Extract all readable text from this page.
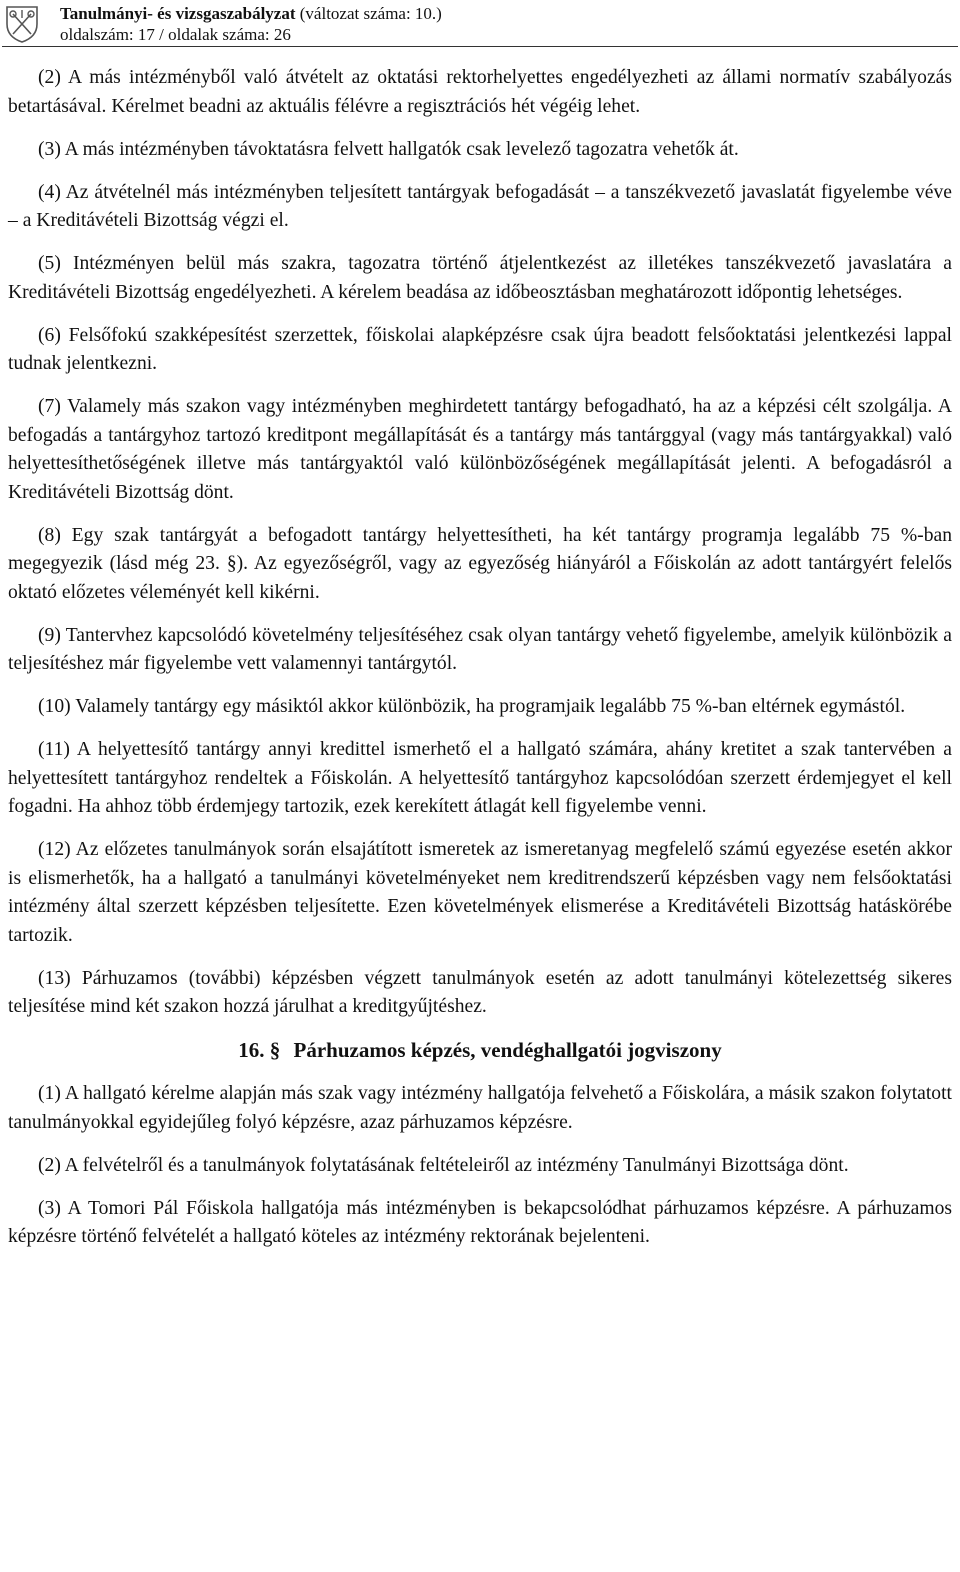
Tanulmányi- és vizsgaszabályzat (változat száma: 10.)
oldalszám: 17 / oldalak száma: 26

(2) A más intézményből való átvételt az oktatási rektorhelyettes engedélyezheti az állami normatív szabályozás betartásával. Kérelmet beadni az aktuális félévre a regisztrációs hét végéig lehet.

(3) A más intézményben távoktatásra felvett hallgatók csak levelező tagozatra vehetők át.

(4) Az átvételnél más intézményben teljesített tantárgyak befogadását – a tanszékvezető javaslatát figyelembe véve – a Kreditávételi Bizottság végzi el.

(5) Intézményen belül más szakra, tagozatra történő átjelentkezést az illetékes tanszékvezető javaslatára a Kreditávételi Bizottság engedélyezheti. A kérelem beadása az időbeosztásban meghatározott időpontig lehetséges.

(6) Felsőfokú szakképesítést szerzettek, főiskolai alapképzésre csak újra beadott felsőoktatási jelentkezési lappal tudnak jelentkezni.

(7) Valamely más szakon vagy intézményben meghirdetett tantárgy befogadható, ha az a képzési célt szolgálja. A befogadás a tantárgyhoz tartozó kreditpont megállapítását és a tantárgy más tantárggyal (vagy más tantárgyakkal) való helyettesíthetőségének illetve más tantárgyaktól való különbözőségének megállapítását jelenti. A befogadásról a Kreditávételi Bizottság dönt.

(8) Egy szak tantárgyát a befogadott tantárgy helyettesítheti, ha két tantárgy programja legalább 75 %-ban megegyezik (lásd még 23. §). Az egyezőségről, vagy az egyezőség hiányáról a Főiskolán az adott tantárgyért felelős oktató előzetes véleményét kell kikérni.

(9) Tantervhez kapcsolódó követelmény teljesítéséhez csak olyan tantárgy vehető figyelembe, amelyik különbözik a teljesítéshez már figyelembe vett valamennyi tantárgytól.

(10) Valamely tantárgy egy másiktól akkor különbözik, ha programjaik legalább 75 %-ban eltérnek egymástól.

(11) A helyettesítő tantárgy annyi kredittel ismerhető el a hallgató számára, ahány kretitet a szak tantervében a helyettesített tantárgyhoz rendeltek a Főiskolán. A helyettesítő tantárgyhoz kapcsolódóan szerzett érdemjegyet el kell fogadni. Ha ahhoz több érdemjegy tartozik, ezek kerekített átlagát kell figyelembe venni.

(12) Az előzetes tanulmányok során elsajátított ismeretek az ismeretanyag megfelelő számú egyezése esetén akkor is elismerhetők, ha a hallgató a tanulmányi követelményeket nem kreditrendszerű képzésben vagy nem felsőoktatási intézmény által szerzett képzésben teljesítette. Ezen követelmények elismerése a Kreditávételi Bizottság hatáskörébe tartozik.

(13) Párhuzamos (további) képzésben végzett tanulmányok esetén az adott tanulmányi kötelezettség sikeres teljesítése mind két szakon hozzá járulhat a kreditgyűjtéshez.

16. § Párhuzamos képzés, vendéghallgatói jogviszony

(1) A hallgató kérelme alapján más szak vagy intézmény hallgatója felvehető a Főiskolára, a másik szakon folytatott tanulmányokkal egyidejűleg folyó képzésre, azaz párhuzamos képzésre.

(2) A felvételről és a tanulmányok folytatásának feltételeiről az intézmény Tanulmányi Bizottsága dönt.

(3) A Tomori Pál Főiskola hallgatója más intézményben is bekapcsolódhat párhuzamos képzésre. A párhuzamos képzésre történő felvételét a hallgató köteles az intézmény rektorának bejelenteni.
